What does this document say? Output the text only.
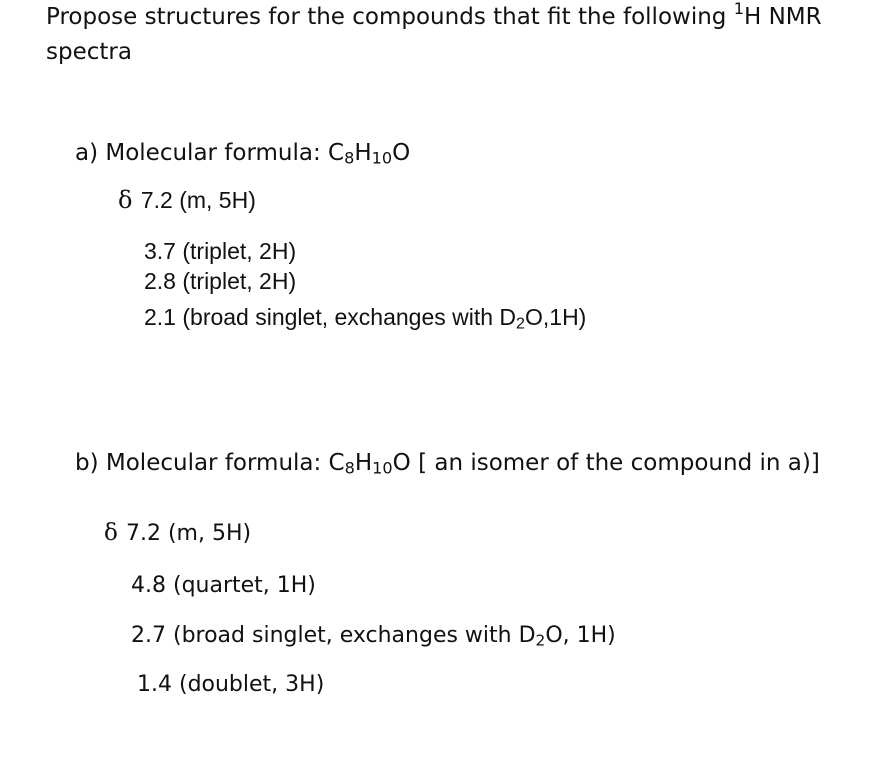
Propose structures for the compounds that fit the following $^1$H NMR
spectra
a) Molecular formula: $C_8H_{10}O$
δ 7.2 (m, 5H)
3.7 (triplet, 2H)
2.8 (triplet, 2H)
2.1 (broad singlet, exchanges with $D_2O,1H$)
b) Molecular formula: $C_8H_{10}O$ [ an isomer of the compound in a)]
δ 7.2 (m, 5H)
4.8 (quartet, 1H)
2.7 (broad singlet, exchanges with $D_2O$, 1H)
1.4 (doublet, 3H)
